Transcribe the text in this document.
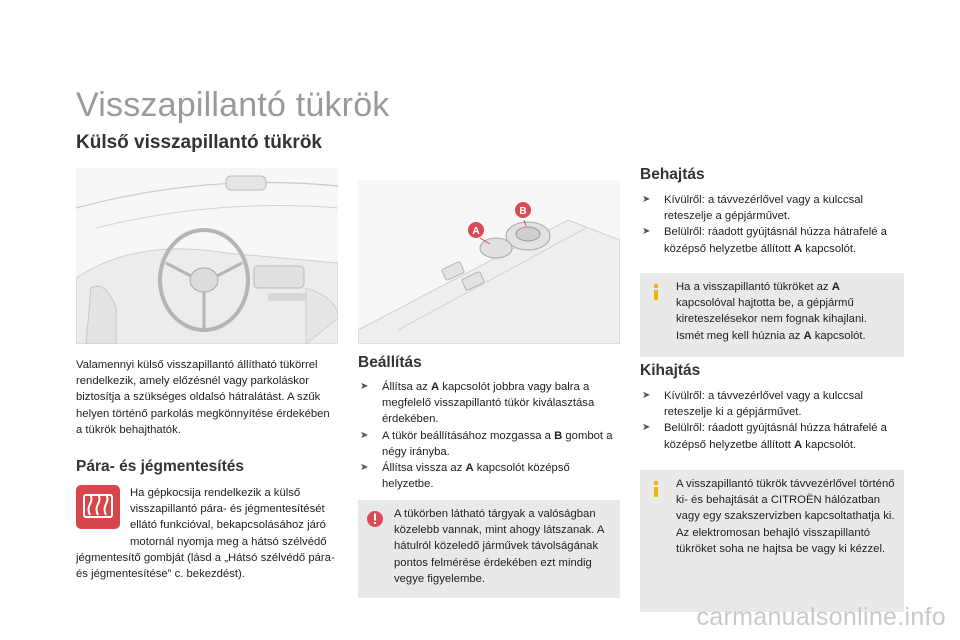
Visszapillantó tükrök
Külső visszapillantó tükrök
A
B

Valamennyi külső visszapillantó állítható tükörrel rendelkezik, amely előzésnél vagy parkoláskor biztosítja a szükséges oldalsó hátralátást. A szűk helyen történő parkolás megkönnyítése érdekében a tükrök behajthatók.

Pára- és jégmentesítés
Ha gépkocsija rendelkezik a külső visszapillantó pára- és jégmentesítését ellátó funkcióval, bekapcsolásához járó motornál nyomja meg a hátsó szélvédő jégmentesítő gombját (lásd a „Hátsó szélvédő pára- és jégmentesítése” c. bekezdést).
Beállítás
➤ Állítsa az A kapcsolót jobbra vagy balra a megfelelő visszapillantó tükör kiválasztása érdekében.
➤ A tükör beállításához mozgassa a B gombot a négy irányba.
➤ Állítsa vissza az A kapcsolót középső helyzetbe.
A tükörben látható tárgyak a valóságban közelebb vannak, mint ahogy látszanak. A hátulról közeledő járművek távolságának pontos felmérése érdekében ezt mindig vegye figyelembe.
Behajtás
➤ Kívülről: a távvezérlővel vagy a kulccsal reteszelje a gépjárművet.
➤ Belülről: ráadott gyújtásnál húzza hátrafelé a középső helyzetbe állított A kapcsolót.
Ha a visszapillantó tükröket az A kapcsolóval hajtotta be, a gépjármű kireteszelésekor nem fognak kihajlani. Ismét meg kell húznia az A kapcsolót.
Kihajtás
➤ Kívülről: a távvezérlővel vagy a kulccsal reteszelje ki a gépjárművet.
➤ Belülről: ráadott gyújtásnál húzza hátrafelé a középső helyzetbe állított A kapcsolót.
A visszapillantó tükrök távvezérlővel történő ki- és behajtását a CITROËN hálózatban vagy egy szakszervizben kapcsoltathatja ki.
Az elektromosan behajló visszapillantó tükröket soha ne hajtsa be vagy ki kézzel.
carmanualsonline.info
